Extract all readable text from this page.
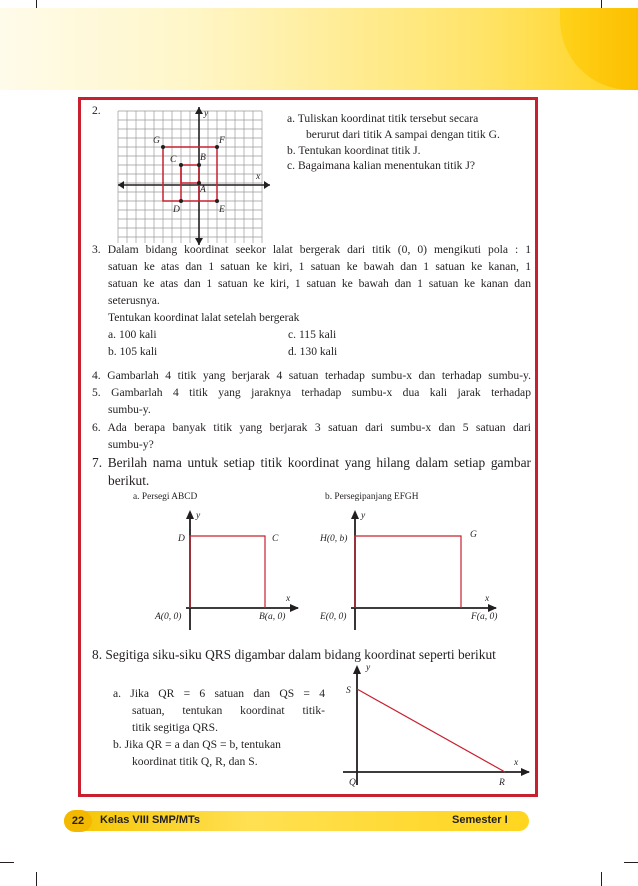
2.	y
x
G	F
C B
A
D	E
a. Tuliskan koordinat titik tersebut secara
berurut dari titik A sampai dengan titik G.
b. Tentukan koordinat titik J.
c. Bagaimana kalian menentukan titik J?
3. Dalam bidang koordinat seekor lalat bergerak dari titik (0, 0) mengikuti pola : 1
satuan ke atas dan 1 satuan ke kiri, 1 satuan ke bawah dan 1 satuan ke kanan, 1
satuan ke atas dan 1 satuan ke kiri, 1 satuan ke bawah dan 1 satuan ke kanan dan
seterusnya.
Tentukan koordinat lalat setelah bergerak
a. 100 kali	c. 115 kali
b. 105 kali	d. 130 kali
4. Gambarlah 4 titik yang berjarak 4 satuan terhadap sumbu-x dan terhadap sumbu-y.
5. Gambarlah 4 titik yang jaraknya terhadap sumbu-x dua kali jarak terhadap
sumbu-y.
6. Ada berapa banyak titik yang berjarak 3 satuan dari sumbu-x dan 5 satuan dari
sumbu-y?
7. Berilah nama untuk setiap titik koordinat yang hilang dalam setiap gambar
berikut.
a. Persegi ABCD	b. Persegipanjang EFGH
y
x
D	C
A(0, 0)	B(a, 0)
y
x
H(0, b)	G
E(0, 0)	F(a, 0)
8. Segitiga siku-siku QRS digambar dalam bidang koordinat seperti berikut
a. Jika QR = 6 satuan dan QS = 4
satuan, tentukan koordinat titik-
titik segitiga QRS.
b. Jika QR = a dan QS = b, tentukan
koordinat titik Q, R, dan S.
y
x
S
Q	R
22	Kelas VIII SMP/MTs	Semester I
